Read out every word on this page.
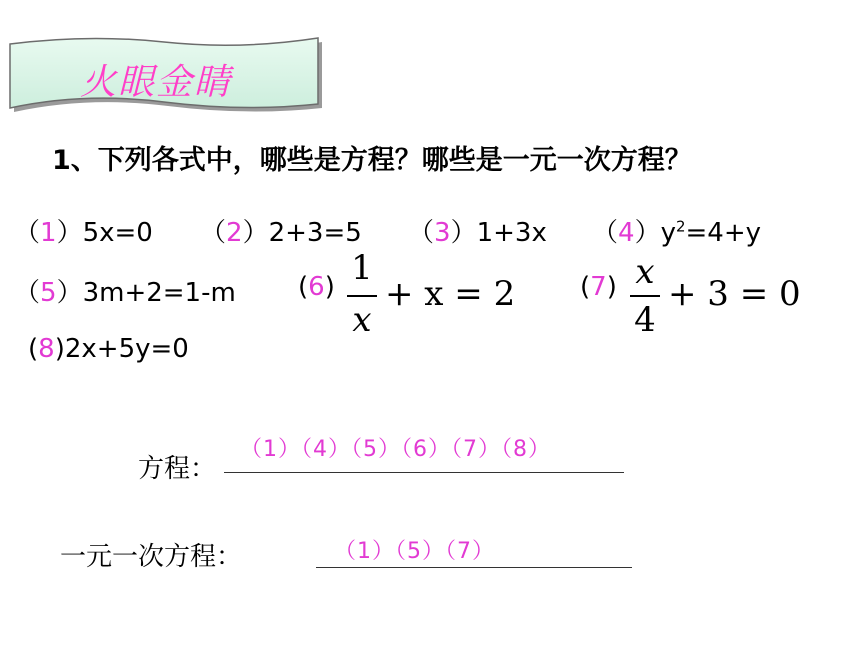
火眼金睛
1、下列各式中，哪些是方程？哪些是一元一次方程？
（1）5x=0 （2）2+3=5 （3）1+3x $(4)y^2=4+y$
（5）3m+2=1-m (6) 1
x
+ x = 2 (7) x
4
+ 3 = 0
(8)2x+5y=0
方程：
（1）（4）（5）（6）（7）（8）
一元一次方程：	（1）（5）（7）
